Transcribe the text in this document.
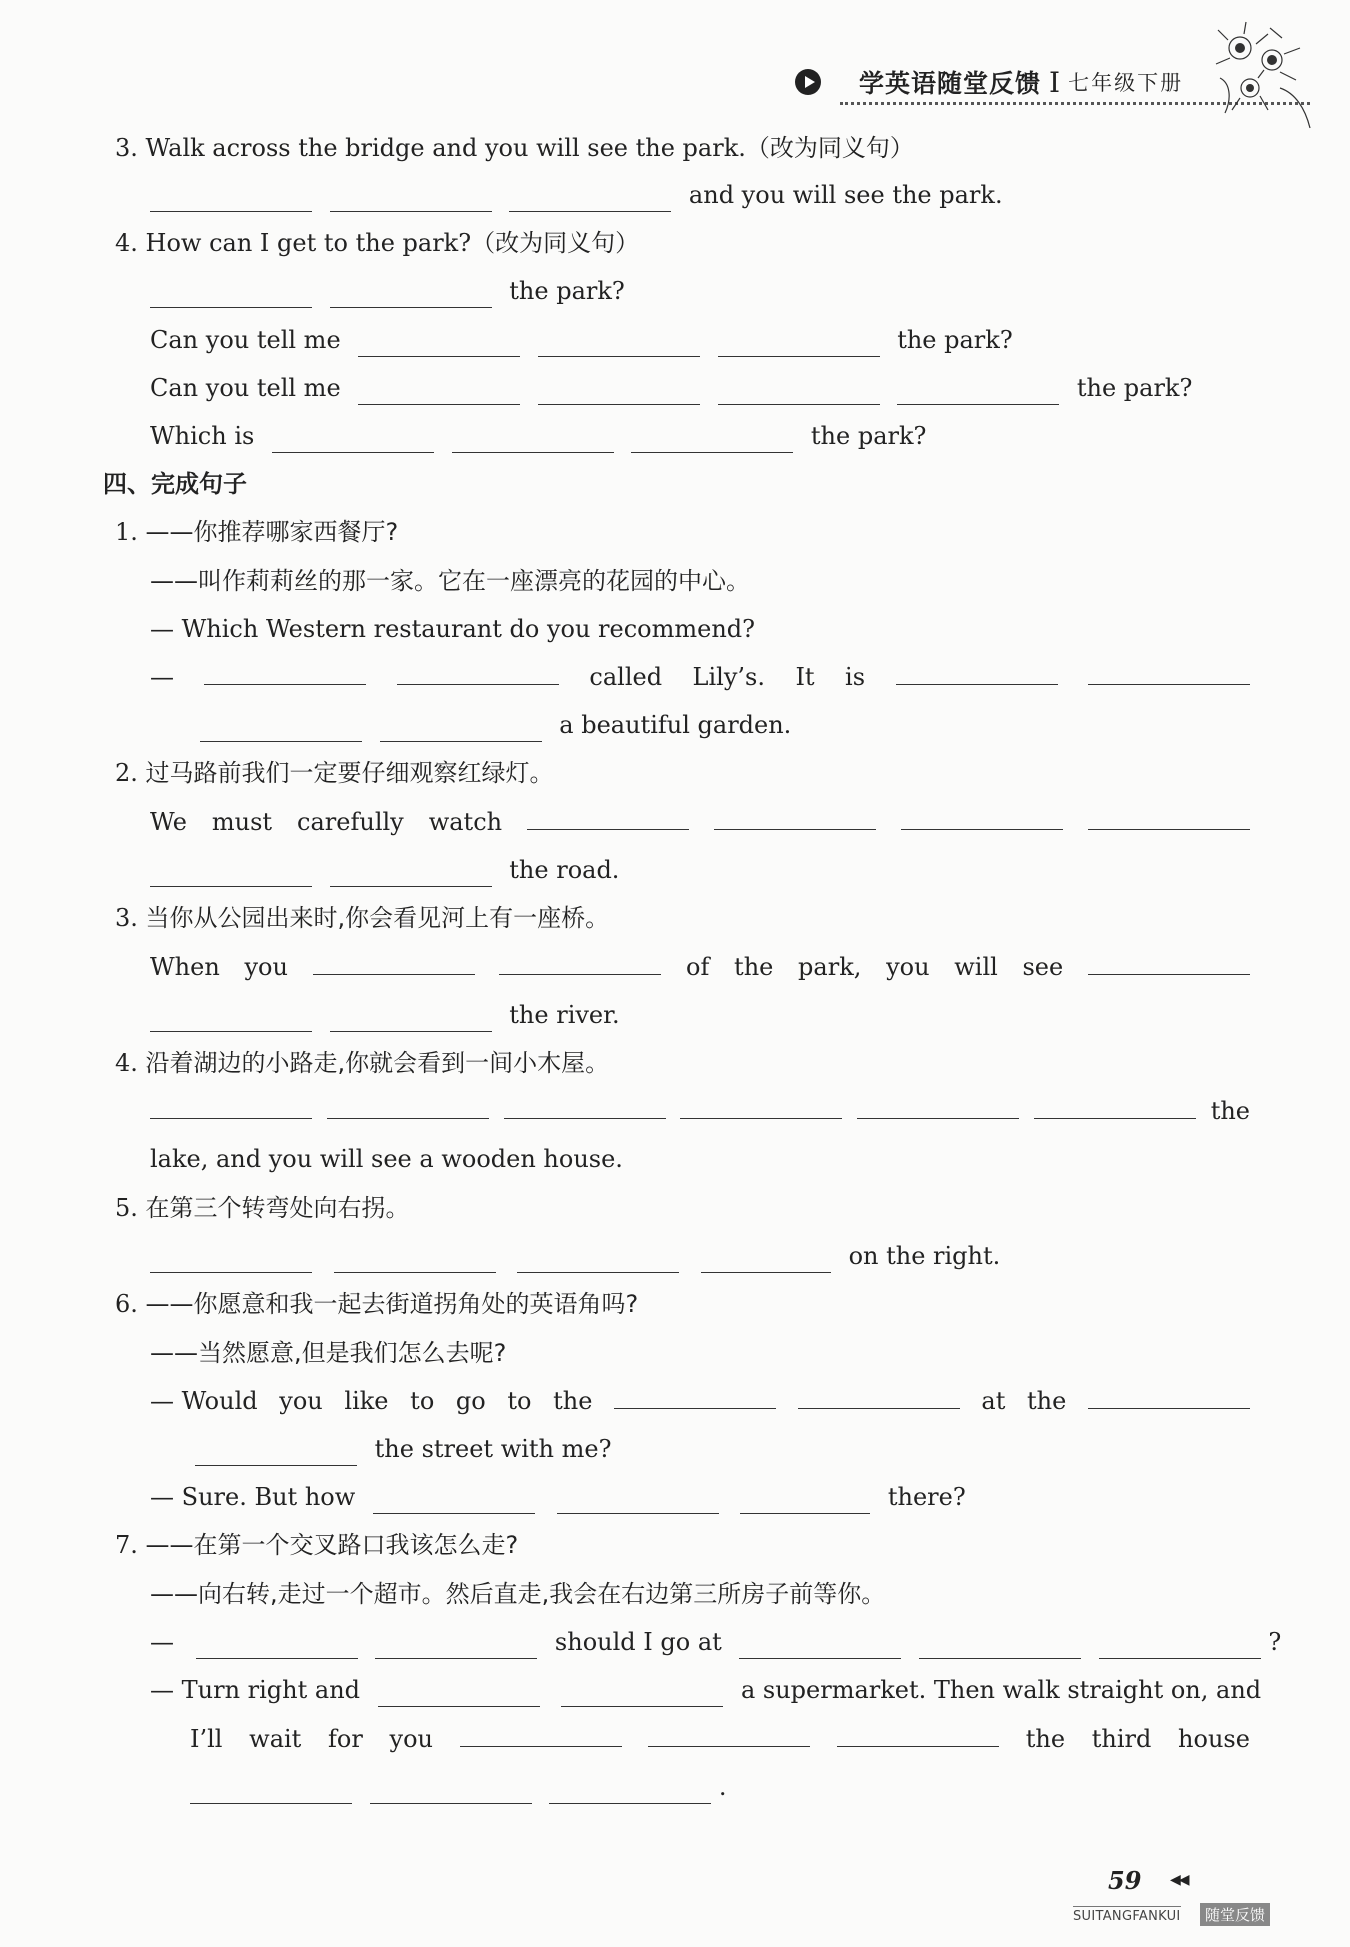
学英语随堂反馈 I 七年级下册
3. Walk across the bridge and you will see the park.（改为同义句）
and you will see the park.
4. How can I get to the park?（改为同义句）
the park?
Can you tell me	the park?
Can you tell me	the park?
Which is	the park?
四、完成句子
1. ——你推荐哪家西餐厅?
——叫作莉莉丝的那一家。它在一座漂亮的花园的中心。
— Which Western restaurant do you recommend?
—	called Lily’s. It is
a beautiful garden.
2. 过马路前我们一定要仔细观察红绿灯。
We must carefully watch
the road.
3. 当你从公园出来时,你会看见河上有一座桥。
When you	of the park, you will see
the river.
4. 沿着湖边的小路走,你就会看到一间小木屋。
the
lake, and you will see a wooden house.
5. 在第三个转弯处向右拐。
on the right.
6. ——你愿意和我一起去街道拐角处的英语角吗?
——当然愿意,但是我们怎么去呢?
— Would you like to go to the	at the
the street with me?
— Sure. But how	there?
7. ——在第一个交叉路口我该怎么走?
——向右转,走过一个超市。然后直走,我会在右边第三所房子前等你。
—	should I go at	?
— Turn right and	a supermarket. Then walk straight on, and
I’ll wait for you	the third house
.
59 ◀◀
SUITANGFANKUI	随堂反馈
